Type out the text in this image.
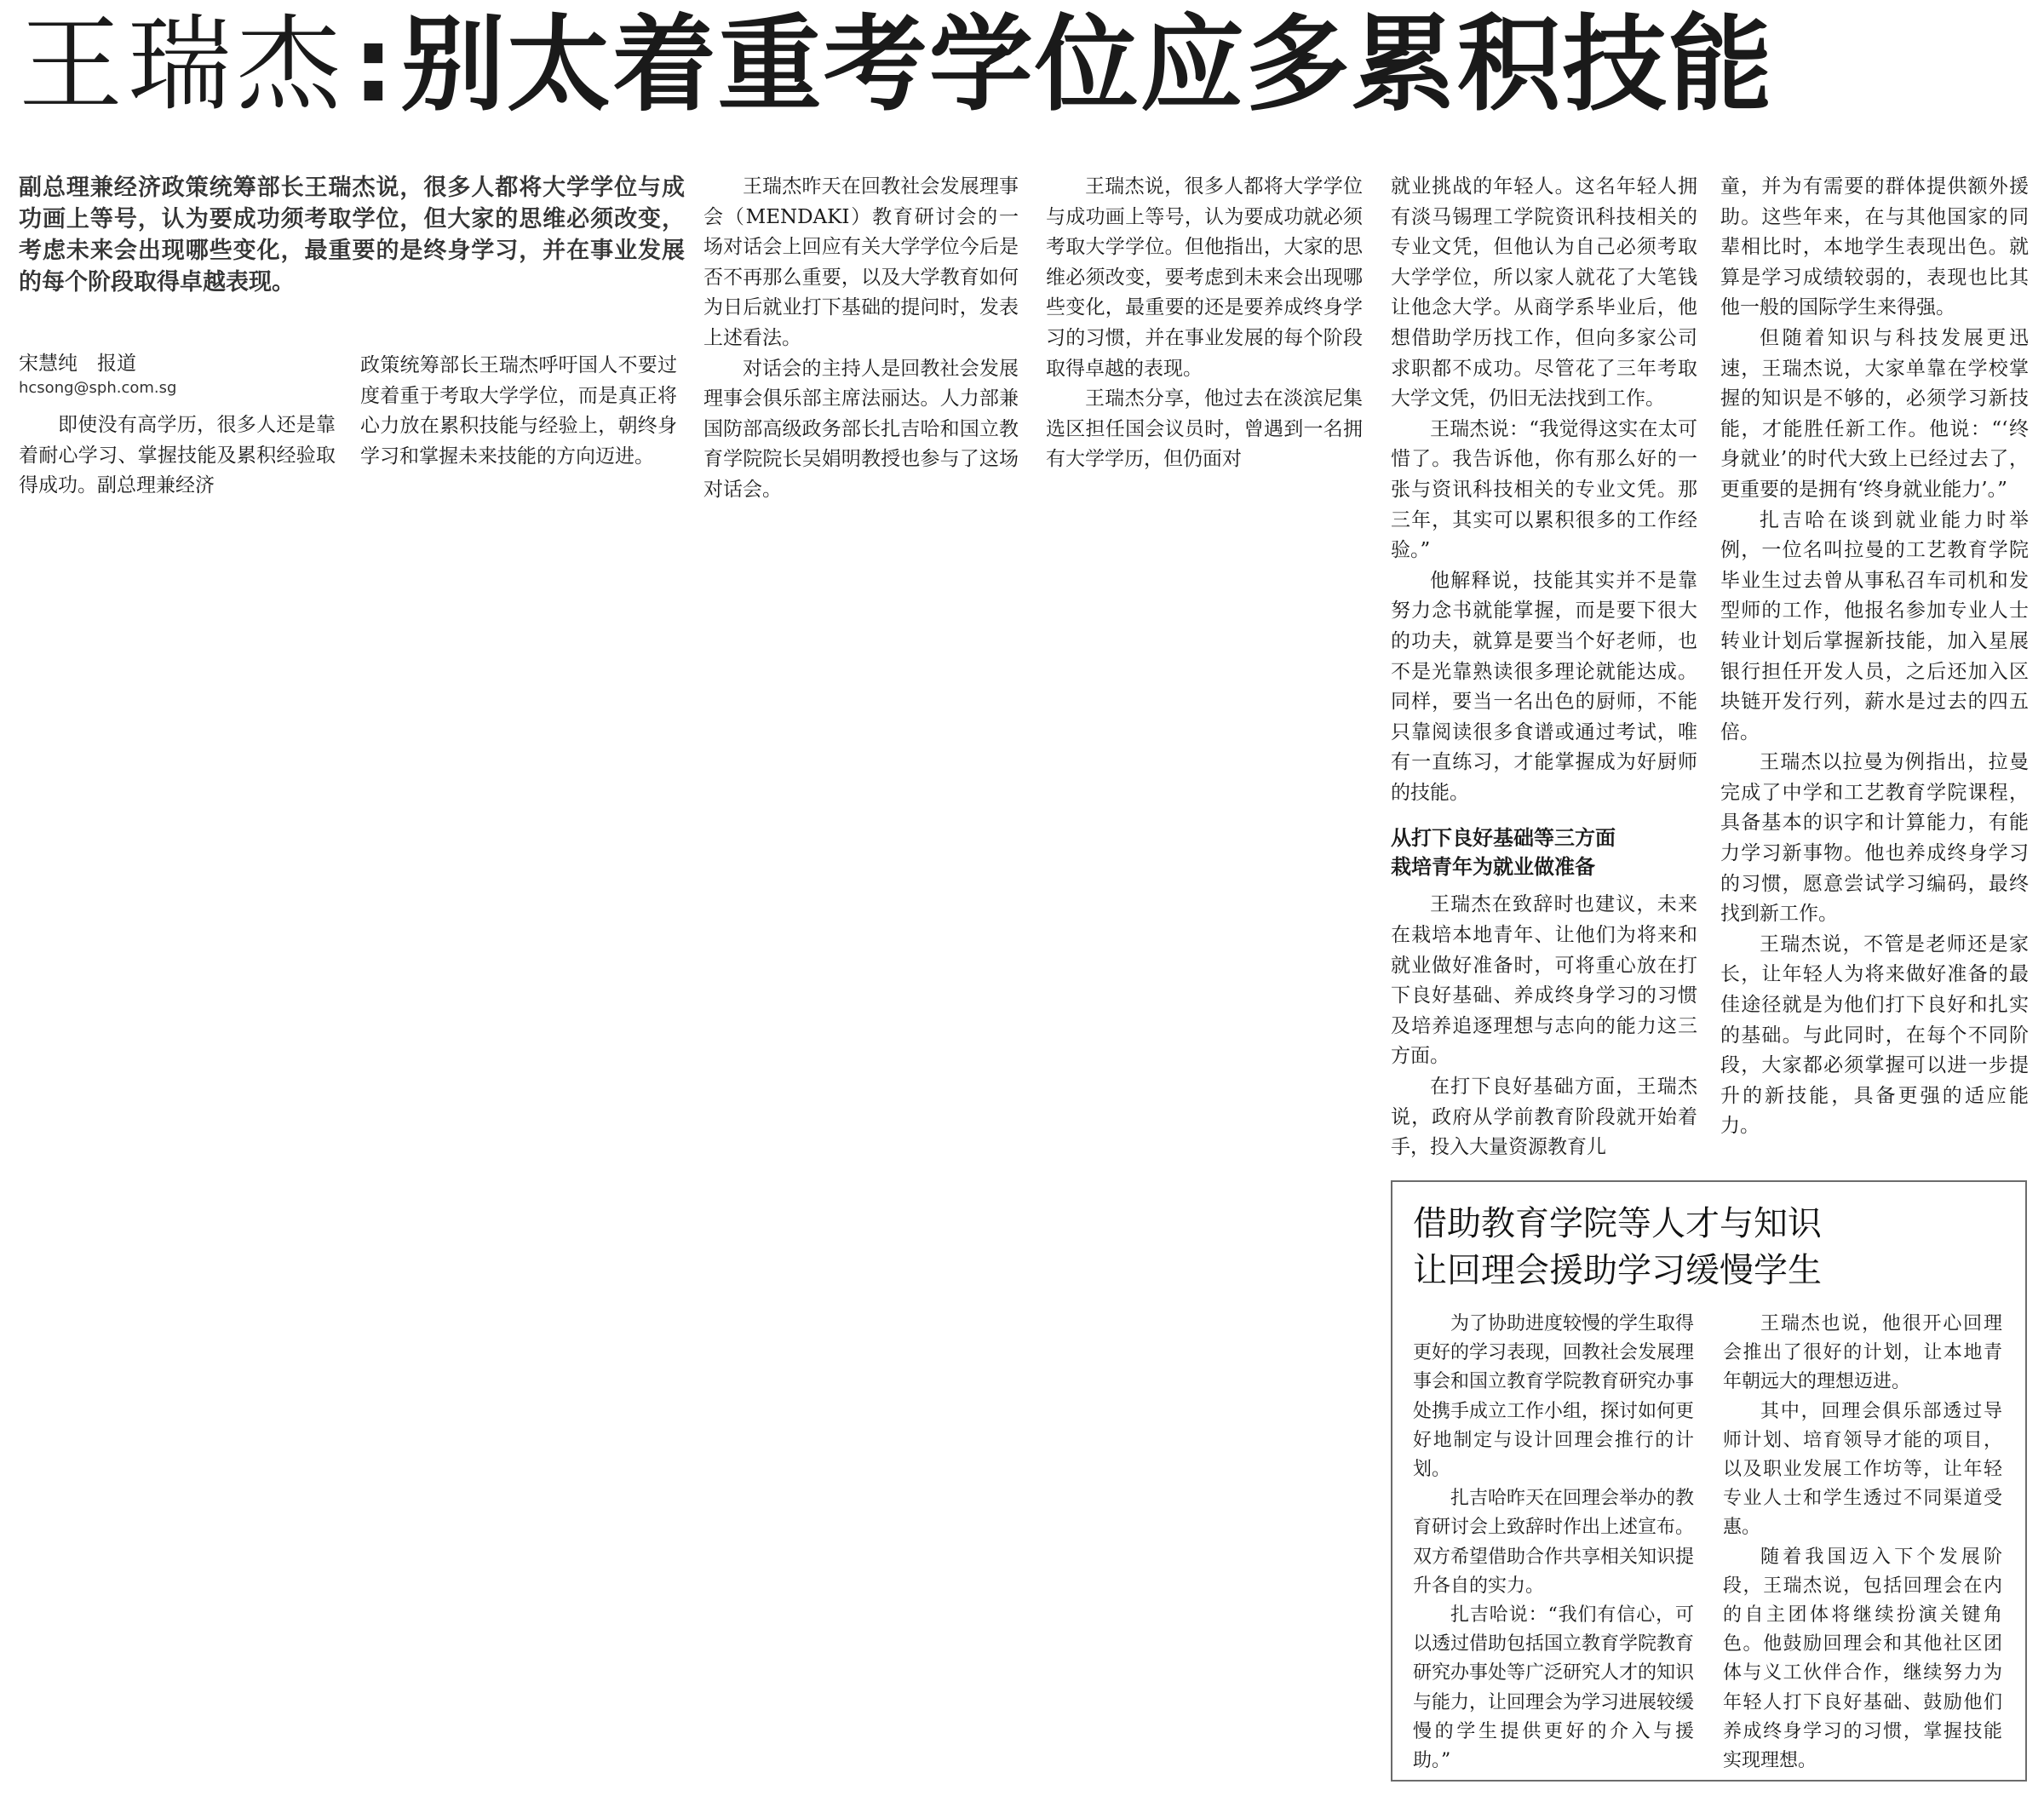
王瑞杰:别太着重考学位应多累积技能
副总理兼经济政策统筹部长王瑞杰说，很多人都将大学学位与成功画上等号，认为要成功须考取学位，但大家的思维必须改变，考虑未来会出现哪些变化，最重要的是终身学习，并在事业发展的每个阶段取得卓越表现。
宋慧纯　报道
hcsong@sph.com.sg

即使没有高学历，很多人还是靠着耐心学习、掌握技能及累积经验取得成功。副总理兼经济

政策统筹部长王瑞杰呼吁国人不要过度着重于考取大学学位，而是真正将心力放在累积技能与经验上，朝终身学习和掌握未来技能的方向迈进。

王瑞杰昨天在回教社会发展理事会（MENDAKI）教育研讨会的一场对话会上回应有关大学学位今后是否不再那么重要，以及大学教育如何为日后就业打下基础的提问时，发表上述看法。

对话会的主持人是回教社会发展理事会俱乐部主席法丽达。人力部兼国防部高级政务部长扎吉哈和国立教育学院院长吴娟明教授也参与了这场对话会。

王瑞杰说，很多人都将大学学位与成功画上等号，认为要成功就必须考取大学学位。但他指出，大家的思维必须改变，要考虑到未来会出现哪些变化，最重要的还是要养成终身学习的习惯，并在事业发展的每个阶段取得卓越的表现。

王瑞杰分享，他过去在淡滨尼集选区担任国会议员时，曾遇到一名拥有大学学历，但仍面对

就业挑战的年轻人。这名年轻人拥有淡马锡理工学院资讯科技相关的专业文凭，但他认为自己必须考取大学学位，所以家人就花了大笔钱让他念大学。从商学系毕业后，他想借助学历找工作，但向多家公司求职都不成功。尽管花了三年考取大学文凭，仍旧无法找到工作。

王瑞杰说：“我觉得这实在太可惜了。我告诉他，你有那么好的一张与资讯科技相关的专业文凭。那三年，其实可以累积很多的工作经验。”

他解释说，技能其实并不是靠努力念书就能掌握，而是要下很大的功夫，就算是要当个好老师，也不是光靠熟读很多理论就能达成。同样，要当一名出色的厨师，不能只靠阅读很多食谱或通过考试，唯有一直练习，才能掌握成为好厨师的技能。

从打下良好基础等三方面
栽培青年为就业做准备

王瑞杰在致辞时也建议，未来在栽培本地青年、让他们为将来和就业做好准备时，可将重心放在打下良好基础、养成终身学习的习惯及培养追逐理想与志向的能力这三方面。

在打下良好基础方面，王瑞杰说，政府从学前教育阶段就开始着手，投入大量资源教育儿

童，并为有需要的群体提供额外援助。这些年来，在与其他国家的同辈相比时，本地学生表现出色。就算是学习成绩较弱的，表现也比其他一般的国际学生来得强。

但随着知识与科技发展更迅速，王瑞杰说，大家单靠在学校掌握的知识是不够的，必须学习新技能，才能胜任新工作。他说：“‘终身就业’的时代大致上已经过去了，更重要的是拥有‘终身就业能力’。”

扎吉哈在谈到就业能力时举例，一位名叫拉曼的工艺教育学院毕业生过去曾从事私召车司机和发型师的工作，他报名参加专业人士转业计划后掌握新技能，加入星展银行担任开发人员，之后还加入区块链开发行列，薪水是过去的四五倍。

王瑞杰以拉曼为例指出，拉曼完成了中学和工艺教育学院课程，具备基本的识字和计算能力，有能力学习新事物。他也养成终身学习的习惯，愿意尝试学习编码，最终找到新工作。

王瑞杰说，不管是老师还是家长，让年轻人为将来做好准备的最佳途径就是为他们打下良好和扎实的基础。与此同时，在每个不同阶段，大家都必须掌握可以进一步提升的新技能，具备更强的适应能力。

借助教育学院等人才与知识
让回理会援助学习缓慢学生

为了协助进度较慢的学生取得更好的学习表现，回教社会发展理事会和国立教育学院教育研究办事处携手成立工作小组，探讨如何更好地制定与设计回理会推行的计划。

扎吉哈昨天在回理会举办的教育研讨会上致辞时作出上述宣布。双方希望借助合作共享相关知识提升各自的实力。

扎吉哈说：“我们有信心，可以透过借助包括国立教育学院教育研究办事处等广泛研究人才的知识与能力，让回理会为学习进展较缓慢的学生提供更好的介入与援助。”

王瑞杰也说，他很开心回理会推出了很好的计划，让本地青年朝远大的理想迈进。

其中，回理会俱乐部透过导师计划、培育领导才能的项目，以及职业发展工作坊等，让年轻专业人士和学生透过不同渠道受惠。

随着我国迈入下个发展阶段，王瑞杰说，包括回理会在内的自主团体将继续扮演关键角色。他鼓励回理会和其他社区团体与义工伙伴合作，继续努力为年轻人打下良好基础、鼓励他们养成终身学习的习惯，掌握技能实现理想。
